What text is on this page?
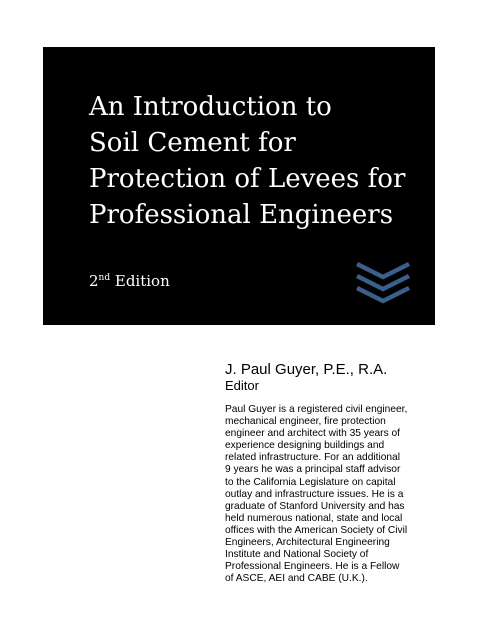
An Introduction to
Soil Cement for
Protection of Levees for
Professional Engineers
2nd Edition
J. Paul Guyer, P.E., R.A.
Editor
Paul Guyer is a registered civil engineer,
mechanical engineer, fire protection
engineer and architect with 35 years of
experience designing buildings and
related infrastructure. For an additional
9 years he was a principal staff advisor
to the California Legislature on capital
outlay and infrastructure issues. He is a
graduate of Stanford University and has
held numerous national, state and local
offices with the American Society of Civil
Engineers, Architectural Engineering
Institute and National Society of
Professional Engineers. He is a Fellow
of ASCE, AEI and CABE (U.K.).
